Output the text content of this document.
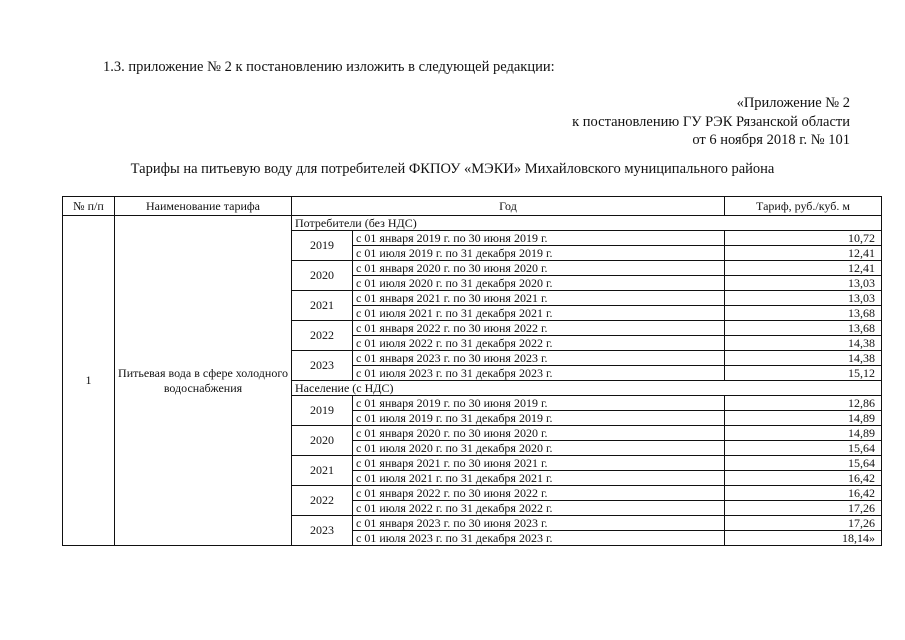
1.3. приложение № 2 к постановлению изложить в следующей редакции:
«Приложение № 2
к постановлению ГУ РЭК Рязанской области
от 6 ноября 2018 г. № 101
Тарифы на питьевую воду для потребителей ФКПОУ «МЭКИ» Михайловского муниципального района
№ п/п	Наименование тарифа	Год		Тариф, руб./куб. м
1	Питьевая вода в сфере холодного водоснабжения	Потребители (без НДС)		
		2019	с 01 января 2019 г. по 30 июня 2019 г.	10,72
			с 01 июля 2019 г. по 31 декабря 2019 г.	12,41
		2020	с 01 января 2020 г. по 30 июня 2020 г.	12,41
			с 01 июля 2020 г. по 31 декабря 2020 г.	13,03
		2021	с 01 января 2021 г. по 30 июня 2021 г.	13,03
			с 01 июля 2021 г. по 31 декабря 2021 г.	13,68
		2022	с 01 января 2022 г. по 30 июня 2022 г.	13,68
			с 01 июля 2022 г. по 31 декабря 2022 г.	14,38
		2023	с 01 января 2023 г. по 30 июня 2023 г.	14,38
			с 01 июля 2023 г. по 31 декабря 2023 г.	15,12
		Население (с НДС)		
		2019	с 01 января 2019 г. по 30 июня 2019 г.	12,86
			с 01 июля 2019 г. по 31 декабря 2019 г.	14,89
		2020	с 01 января 2020 г. по 30 июня 2020 г.	14,89
			с 01 июля 2020 г. по 31 декабря 2020 г.	15,64
		2021	с 01 января 2021 г. по 30 июня 2021 г.	15,64
			с 01 июля 2021 г. по 31 декабря 2021 г.	16,42
		2022	с 01 января 2022 г. по 30 июня 2022 г.	16,42
			с 01 июля 2022 г. по 31 декабря 2022 г.	17,26
		2023	с 01 января 2023 г. по 30 июня 2023 г.	17,26
			с 01 июля 2023 г. по 31 декабря 2023 г.	18,14»
